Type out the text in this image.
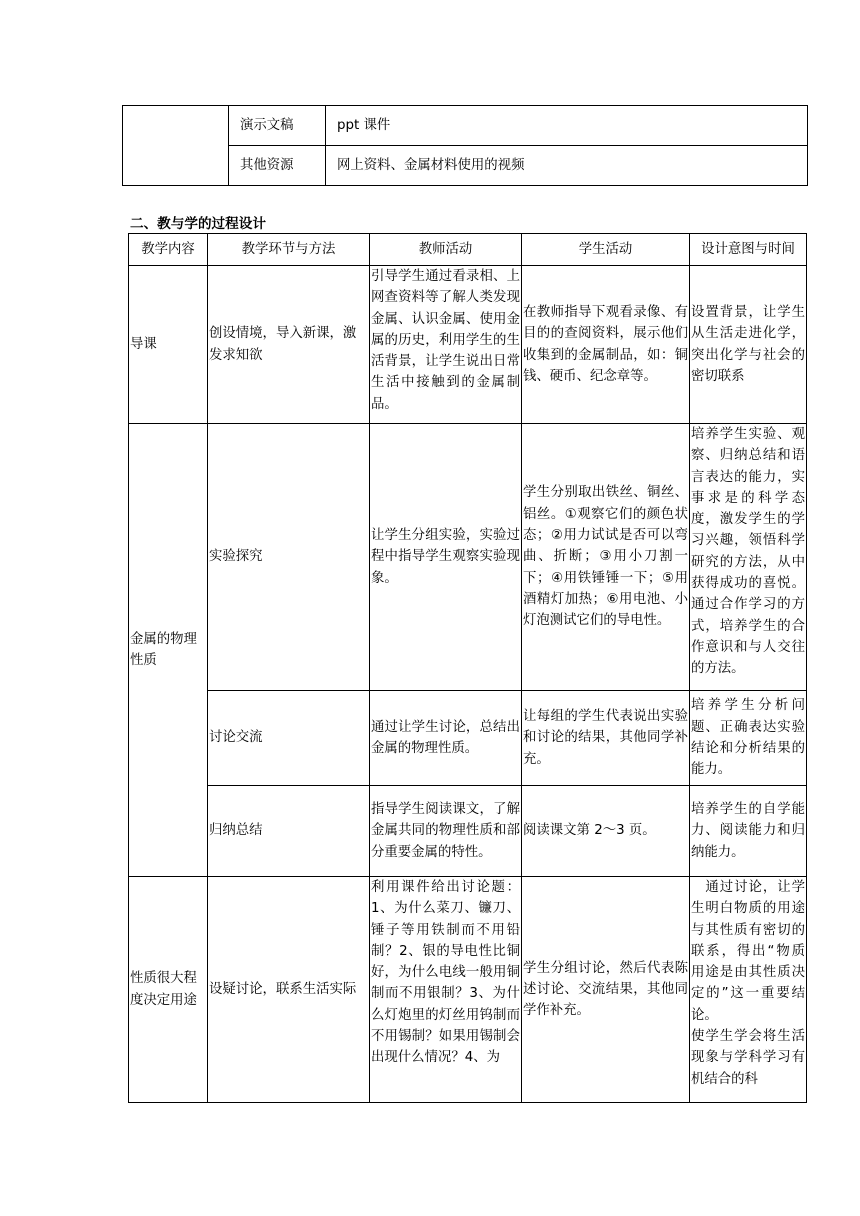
	演示文稿	ppt 课件
	其他资源	网上资料、金属材料使用的视频
二、教与学的过程设计
教学内容	教学环节与方法	教师活动	学生活动	设计意图与时间
导课	创设情境，导入新课，激发求知欲	引导学生通过看录相、上网查资料等了解人类发现金属、认识金属、使用金属的历史，利用学生的生活背景，让学生说出日常生活中接触到的金属制品。	在教师指导下观看录像、有目的的查阅资料，展示他们收集到的金属制品，如：铜钱、硬币、纪念章等。	设置背景，让学生从生活走进化学，突出化学与社会的密切联系
金属的物理性质	实验探究	让学生分组实验，实验过程中指导学生观察实验现象。	学生分别取出铁丝、铜丝、铝丝。①观察它们的颜色状态；②用力试试是否可以弯曲、折断；③用小刀割一下；④用铁锤锤一下；⑤用酒精灯加热；⑥用电池、小灯泡测试它们的导电性。	培养学生实验、观察、归纳总结和语言表达的能力，实事求是的科学态度，激发学生的学习兴趣，领悟科学研究的方法，从中获得成功的喜悦。通过合作学习的方式，培养学生的合作意识和与人交往的方法。
	讨论交流	通过让学生讨论，总结出金属的物理性质。	让每组的学生代表说出实验和讨论的结果，其他同学补充。	培养学生分析问题、正确表达实验结论和分析结果的能力。
	归纳总结	指导学生阅读课文，了解金属共同的物理性质和部分重要金属的特性。	阅读课文第 2～3 页。	培养学生的自学能力、阅读能力和归纳能力。
性质很大程度决定用途	设疑讨论，联系生活实际	利用课件给出讨论题：1、为什么菜刀、镰刀、锤子等用铁制而不用铅制？2、银的导电性比铜好，为什么电线一般用铜制而不用银制？3、为什么灯炮里的灯丝用钨制而不用锡制？如果用锡制会出现什么情况？4、为	学生分组讨论，然后代表陈述讨论、交流结果，其他同学作补充。	　通过讨论，让学生明白物质的用途与其性质有密切的联系，得出“物质用途是由其性质决定的”这一重要结论。
使学生学会将生活现象与学科学习有机结合的科
